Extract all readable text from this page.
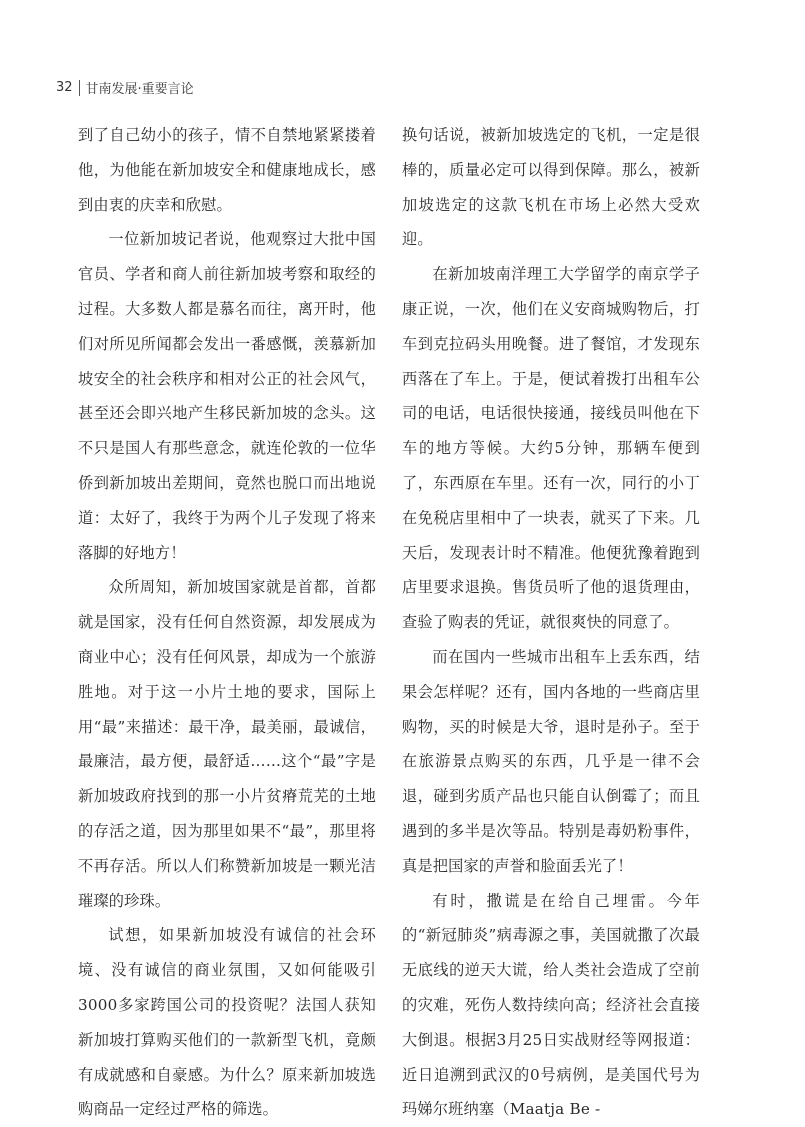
32 甘南发展·重要言论

到了自己幼小的孩子，情不自禁地紧紧搂着他，为他能在新加坡安全和健康地成长，感到由衷的庆幸和欣慰。

一位新加坡记者说，他观察过大批中国官员、学者和商人前往新加坡考察和取经的过程。大多数人都是慕名而往，离开时，他们对所见所闻都会发出一番感慨，羡慕新加坡安全的社会秩序和相对公正的社会风气，甚至还会即兴地产生移民新加坡的念头。这不只是国人有那些意念，就连伦敦的一位华侨到新加坡出差期间，竟然也脱口而出地说道：太好了，我终于为两个儿子发现了将来落脚的好地方！

众所周知，新加坡国家就是首都，首都就是国家，没有任何自然资源，却发展成为商业中心；没有任何风景，却成为一个旅游胜地。对于这一小片土地的要求，国际上用“最”来描述：最干净，最美丽，最诚信，最廉洁，最方便，最舒适……这个“最”字是新加坡政府找到的那一小片贫瘠荒芜的土地的存活之道，因为那里如果不“最”，那里将不再存活。所以人们称赞新加坡是一颗光洁璀璨的珍珠。

试想，如果新加坡没有诚信的社会环境、没有诚信的商业氛围，又如何能吸引3000多家跨国公司的投资呢？法国人获知新加坡打算购买他们的一款新型飞机，竟颇有成就感和自豪感。为什么？原来新加坡选购商品一定经过严格的筛选。

换句话说，被新加坡选定的飞机，一定是很棒的，质量必定可以得到保障。那么，被新加坡选定的这款飞机在市场上必然大受欢迎。

在新加坡南洋理工大学留学的南京学子康正说，一次，他们在义安商城购物后，打车到克拉码头用晚餐。进了餐馆，才发现东西落在了车上。于是，便试着拨打出租车公司的电话，电话很快接通，接线员叫他在下车的地方等候。大约5分钟，那辆车便到了，东西原在车里。还有一次，同行的小丁在免税店里相中了一块表，就买了下来。几天后，发现表计时不精准。他便犹豫着跑到店里要求退换。售货员听了他的退货理由，查验了购表的凭证，就很爽快的同意了。

而在国内一些城市出租车上丢东西，结果会怎样呢？还有，国内各地的一些商店里购物，买的时候是大爷，退时是孙子。至于在旅游景点购买的东西，几乎是一律不会退，碰到劣质产品也只能自认倒霉了；而且遇到的多半是次等品。特别是毒奶粉事件，真是把国家的声誉和脸面丢光了！

有时，撒谎是在给自己埋雷。今年的“新冠肺炎”病毒源之事，美国就撒了次最无底线的逆天大谎，给人类社会造成了空前的灾难，死伤人数持续向高；经济社会直接大倒退。根据3月25日实战财经等网报道：近日追溯到武汉的0号病例，是美国代号为玛娣尔班纳塞（Maatja Be -
